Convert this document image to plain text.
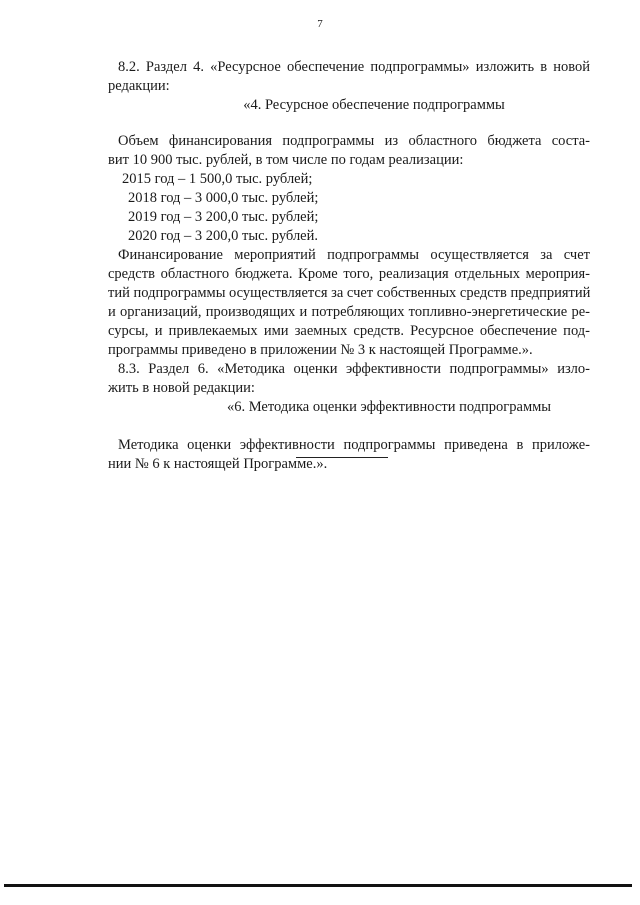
7

8.2. Раздел 4. «Ресурсное обеспечение подпрограммы» изложить в новой

редакции:

«4. Ресурсное обеспечение подпрограммы

Объем финансирования подпрограммы из областного бюджета соста-

вит 10 900 тыс. рублей, в том числе по годам реализации:

2015 год – 1 500,0 тыс. рублей;

2018 год – 3 000,0 тыс. рублей;

2019 год – 3 200,0 тыс. рублей;

2020 год – 3 200,0 тыс. рублей.

Финансирование мероприятий подпрограммы осуществляется за счет

средств областного бюджета. Кроме того, реализация отдельных мероприя-

тий подпрограммы осуществляется за счет собственных средств предприятий

и организаций, производящих и потребляющих топливно-энергетические ре-

сурсы, и привлекаемых ими заемных средств. Ресурсное обеспечение под-

программы приведено в приложении № 3 к настоящей Программе.».

8.3. Раздел 6. «Методика оценки эффективности подпрограммы» изло-

жить в новой редакции:

«6. Методика оценки эффективности подпрограммы

Методика оценки эффективности подпрограммы приведена в приложе-

нии № 6 к настоящей Программе.».
